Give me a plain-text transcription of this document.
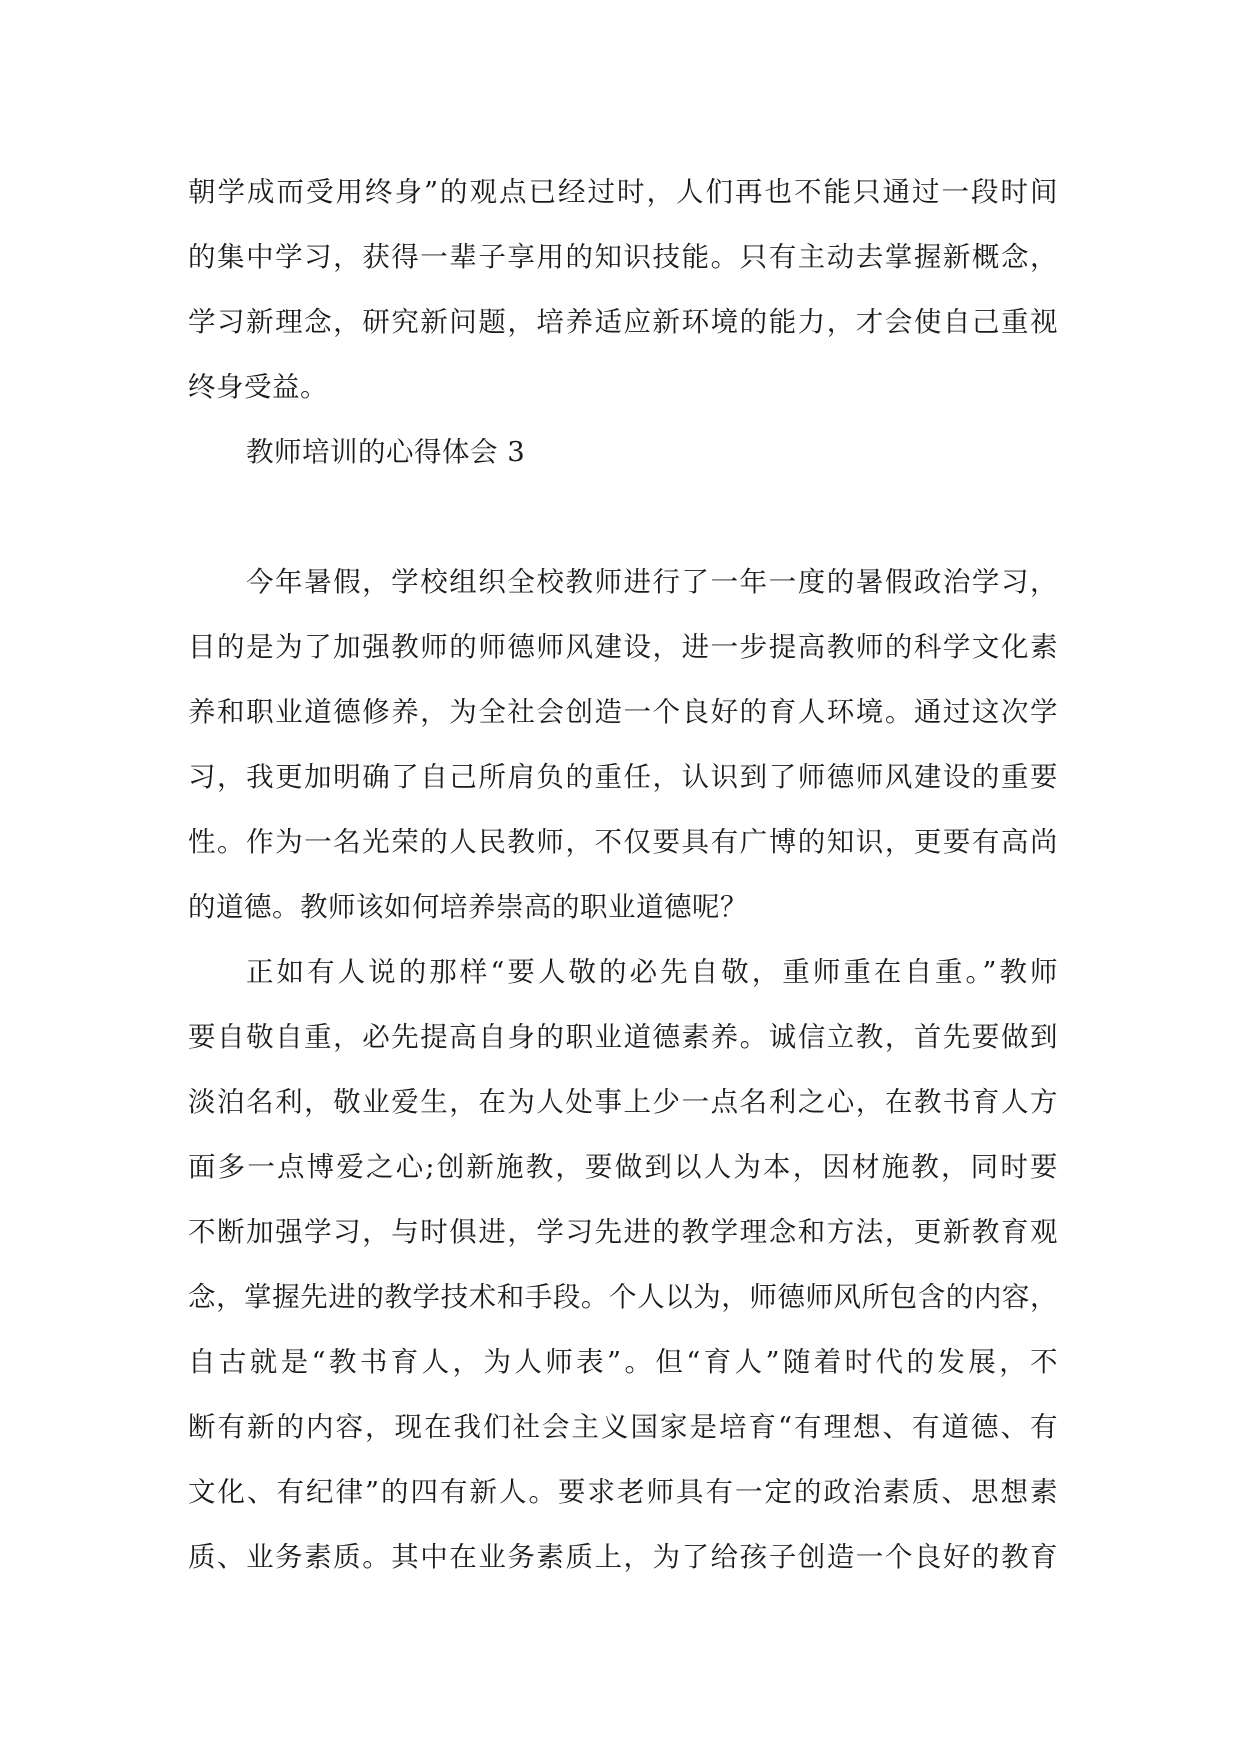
朝学成而受用终身”的观点已经过时，人们再也不能只通过一段时间
的集中学习，获得一辈子享用的知识技能。只有主动去掌握新概念，
学习新理念，研究新问题，培养适应新环境的能力，才会使自己重视
终身受益。
教师培训的心得体会 3
今年暑假，学校组织全校教师进行了一年一度的暑假政治学习，
目的是为了加强教师的师德师风建设，进一步提高教师的科学文化素
养和职业道德修养，为全社会创造一个良好的育人环境。通过这次学
习，我更加明确了自己所肩负的重任，认识到了师德师风建设的重要
性。作为一名光荣的人民教师，不仅要具有广博的知识，更要有高尚
的道德。教师该如何培养崇高的职业道德呢？
正如有人说的那样“要人敬的必先自敬，重师重在自重。”教师
要自敬自重，必先提高自身的职业道德素养。诚信立教，首先要做到
淡泊名利，敬业爱生，在为人处事上少一点名利之心，在教书育人方
面多一点博爱之心;创新施教，要做到以人为本，因材施教，同时要
不断加强学习，与时俱进，学习先进的教学理念和方法，更新教育观
念，掌握先进的教学技术和手段。个人以为，师德师风所包含的内容，
自古就是“教书育人，为人师表”。但“育人”随着时代的发展，不
断有新的内容，现在我们社会主义国家是培育“有理想、有道德、有
文化、有纪律”的四有新人。要求老师具有一定的政治素质、思想素
质、业务素质。其中在业务素质上，为了给孩子创造一个良好的教育
